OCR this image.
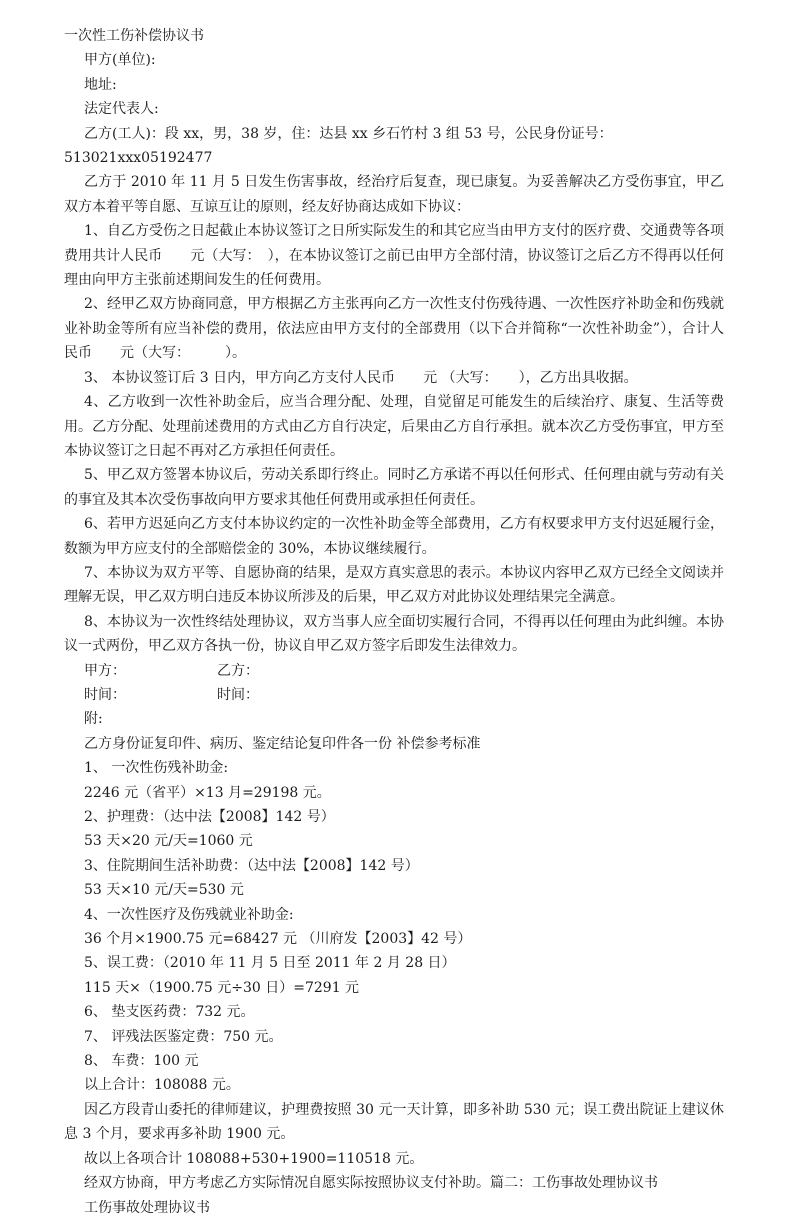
一次性工伤补偿协议书

甲方(单位):

地址:

法定代表人:

乙方(工人)：段 xx，男，38 岁，住：达县 xx 乡石竹村 3 组 53 号，公民身份证号：

513021xxx05192477

乙方于 2010 年 11 月 5 日发生伤害事故，经治疗后复查，现已康复。为妥善解决乙方受伤事宜，甲乙双方本着平等自愿、互谅互让的原则，经友好协商达成如下协议：

1、自乙方受伤之日起截止本协议签订之日所实际发生的和其它应当由甲方支付的医疗费、交通费等各项费用共计人民币　　元（大写：　），在本协议签订之前已由甲方全部付清，协议签订之后乙方不得再以任何理由向甲方主张前述期间发生的任何费用。

2、经甲乙双方协商同意，甲方根据乙方主张再向乙方一次性支付伤残待遇、一次性医疗补助金和伤残就业补助金等所有应当补偿的费用，依法应由甲方支付的全部费用（以下合并简称“一次性补助金”），合计人民币　　元（大写：　　　）。

3、 本协议签订后 3 日内，甲方向乙方支付人民币　　元 （大写：　　），乙方出具收据。

4、乙方收到一次性补助金后，应当合理分配、处理，自觉留足可能发生的后续治疗、康复、生活等费用。乙方分配、处理前述费用的方式由乙方自行决定，后果由乙方自行承担。就本次乙方受伤事宜，甲方至本协议签订之日起不再对乙方承担任何责任。

5、甲乙双方签署本协议后，劳动关系即行终止。同时乙方承诺不再以任何形式、任何理由就与劳动有关的事宜及其本次受伤事故向甲方要求其他任何费用或承担任何责任。

6、若甲方迟延向乙方支付本协议约定的一次性补助金等全部费用，乙方有权要求甲方支付迟延履行金，数额为甲方应支付的全部赔偿金的 30%，本协议继续履行。

7、本协议为双方平等、自愿协商的结果，是双方真实意思的表示。本协议内容甲乙双方已经全文阅读并理解无误，甲乙双方明白违反本协议所涉及的后果，甲乙双方对此协议处理结果完全满意。

8、本协议为一次性终结处理协议，双方当事人应全面切实履行合同，不得再以任何理由为此纠缠。本协议一式两份，甲乙双方各执一份，协议自甲乙双方签字后即发生法律效力。

甲方：　　　　　　　乙方：

时间：　　　　　　　时间：

附:

乙方身份证复印件、病历、鉴定结论复印件各一份 补偿参考标准

1、 一次性伤残补助金:

2246 元（省平）×13 月=29198 元。

2、护理费：（达中法【2008】142 号）

53 天×20 元/天=1060 元

3、住院期间生活补助费：（达中法【2008】142 号）

53 天×10 元/天=530 元

4、一次性医疗及伤残就业补助金:

36 个月×1900.75 元=68427 元 （川府发【2003】42 号）

5、误工费：（2010 年 11 月 5 日至 2011 年 2 月 28 日）

115 天×（1900.75 元÷30 日）=7291 元

6、 垫支医药费：732 元。

7、 评残法医鉴定费：750 元。

8、 车费：100 元

以上合计：108088 元。

因乙方段青山委托的律师建议，护理费按照 30 元一天计算，即多补助 530 元；误工费出院证上建议休息 3 个月，要求再多补助 1900 元。

故以上各项合计 108088+530+1900=110518 元。

经双方协商，甲方考虑乙方实际情况自愿实际按照协议支付补助。篇二：工伤事故处理协议书

工伤事故处理协议书
